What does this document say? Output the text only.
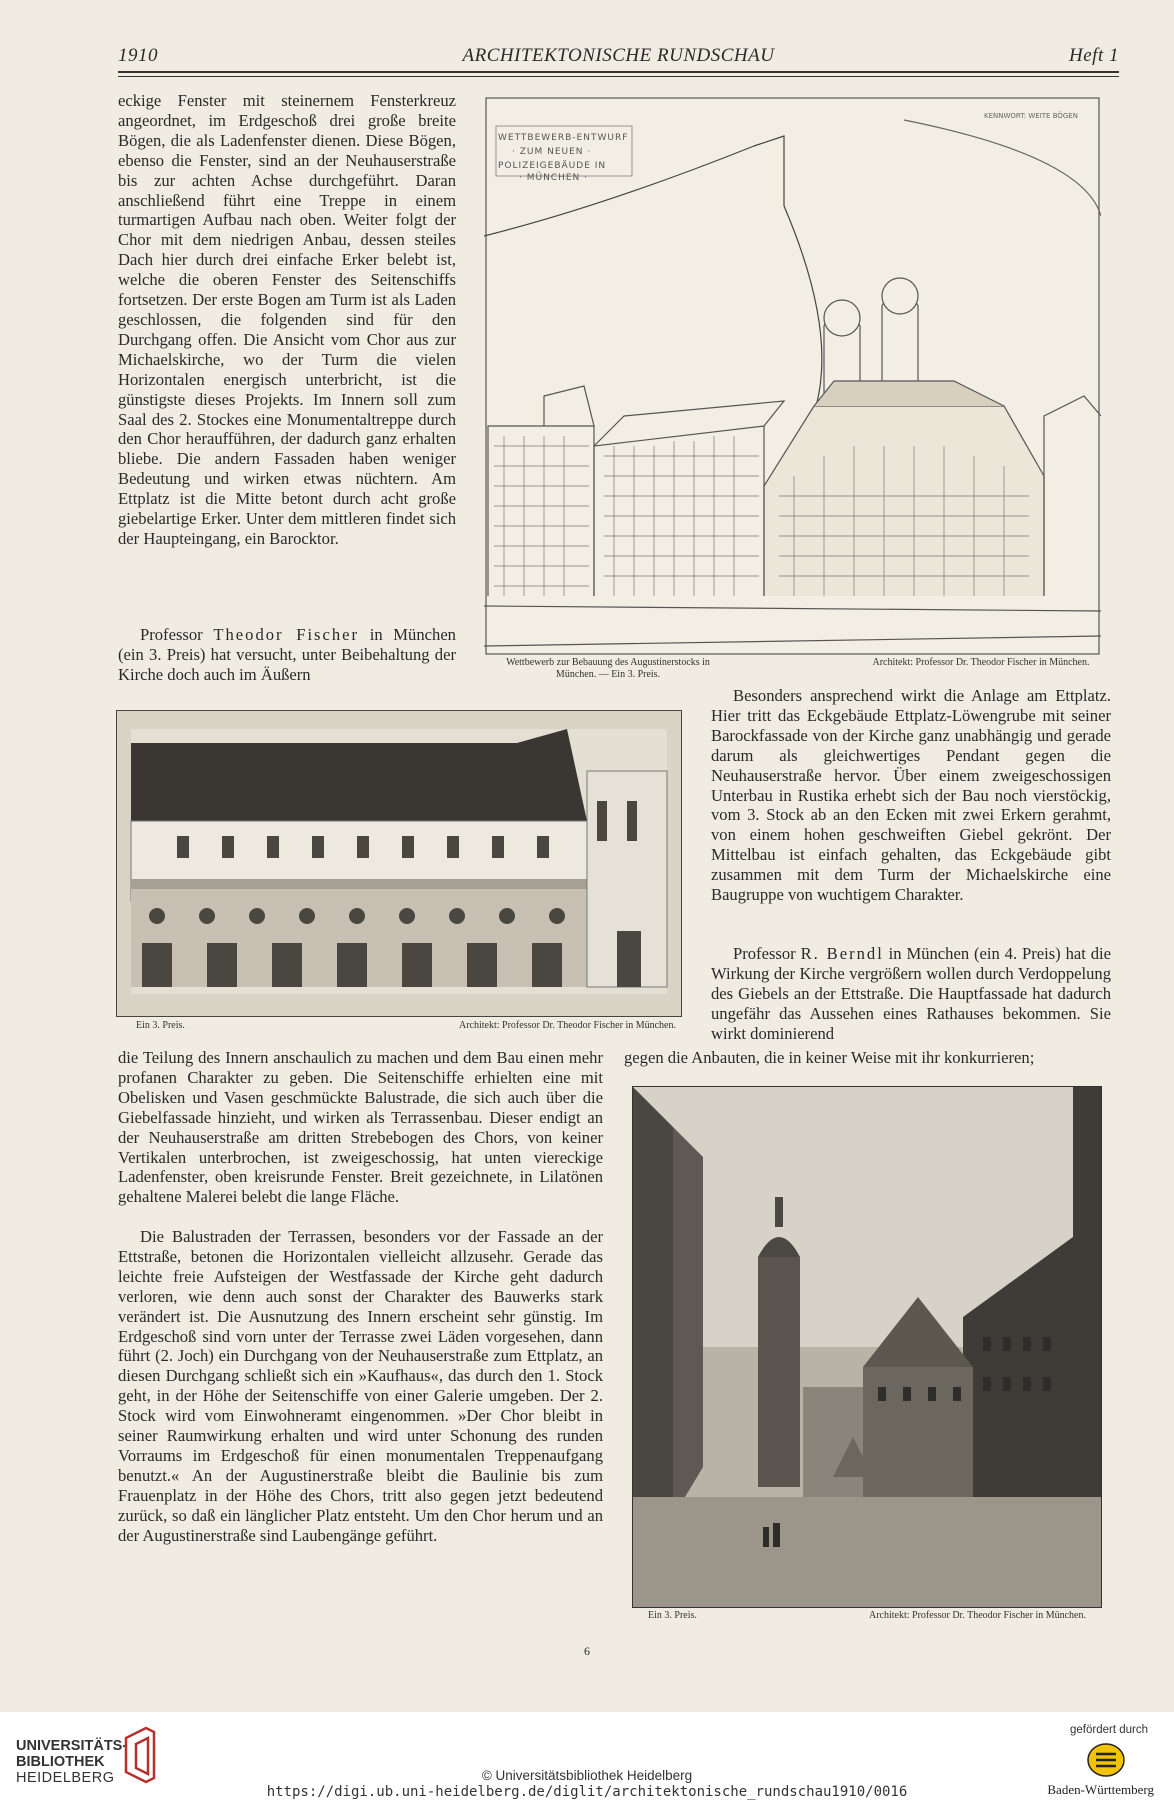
1910	ARCHITEKTONISCHE RUNDSCHAU	Heft 1

eckige Fenster mit steinernem Fensterkreuz angeordnet, im Erdgeschoß drei große breite Bögen, die als Ladenfenster dienen. Diese Bögen, ebenso die Fenster, sind an der Neuhauserstraße bis zur achten Achse durchgeführt. Daran anschließend führt eine Treppe in einem turmartigen Aufbau nach oben. Weiter folgt der Chor mit dem niedrigen Anbau, dessen steiles Dach hier durch drei einfache Erker belebt ist, welche die oberen Fenster des Seitenschiffs fortsetzen. Der erste Bogen am Turm ist als Laden geschlossen, die folgenden sind für den Durchgang offen. Die Ansicht vom Chor aus zur Michaelskirche, wo der Turm die vielen Horizontalen energisch unterbricht, ist die günstigste dieses Projekts. Im Innern soll zum Saal des 2. Stockes eine Monumentaltreppe durch den Chor heraufführen, der dadurch ganz erhalten bliebe. Die andern Fassaden haben weniger Bedeutung und wirken etwas nüchtern. Am Ettplatz ist die Mitte betont durch acht große giebelartige Erker. Unter dem mittleren findet sich der Haupteingang, ein Barocktor.

Professor Theodor Fischer in München (ein 3. Preis) hat versucht, unter Beibehaltung der Kirche doch auch im Äußern

WETTBEWERB-ENTWURF
· ZUM NEUEN ·
POLIZEIGEBÄUDE IN
· MÜNCHEN ·
KENNWORT: WEITE BÖGEN
Wettbewerb zur Bebauung des Augustinerstocks in München. — Ein 3. Preis.
Architekt: Professor Dr. Theodor Fischer in München.

Besonders ansprechend wirkt die Anlage am Ettplatz. Hier tritt das Eckgebäude Ettplatz-Löwengrube mit seiner Barockfassade von der Kirche ganz unabhängig und gerade darum als gleichwertiges Pendant gegen die Neuhauserstraße hervor. Über einem zweigeschossigen Unterbau in Rustika erhebt sich der Bau noch vierstöckig, vom 3. Stock ab an den Ecken mit zwei Erkern gerahmt, von einem hohen geschweiften Giebel gekrönt. Der Mittelbau ist einfach gehalten, das Eckgebäude gibt zusammen mit dem Turm der Michaelskirche eine Baugruppe von wuchtigem Charakter.

Professor R. Berndl in München (ein 4. Preis) hat die Wirkung der Kirche vergrößern wollen durch Verdoppelung des Giebels an der Ettstraße. Die Hauptfassade hat dadurch ungefähr das Aussehen eines Rathauses bekommen. Sie wirkt dominierend

Ein 3. Preis.	Architekt: Professor Dr. Theodor Fischer in München.

gegen die Anbauten, die in keiner Weise mit ihr konkurrieren;

die Teilung des Innern anschaulich zu machen und dem Bau einen mehr profanen Charakter zu geben. Die Seitenschiffe erhielten eine mit Obelisken und Vasen geschmückte Balustrade, die sich auch über die Giebelfassade hinzieht, und wirken als Terrassenbau. Dieser endigt an der Neuhauserstraße am dritten Strebebogen des Chors, von keiner Vertikalen unterbrochen, ist zweigeschossig, hat unten viereckige Ladenfenster, oben kreisrunde Fenster. Breit gezeichnete, in Lilatönen gehaltene Malerei belebt die lange Fläche.

Die Balustraden der Terrassen, besonders vor der Fassade an der Ettstraße, betonen die Horizontalen vielleicht allzusehr. Gerade das leichte freie Aufsteigen der Westfassade der Kirche geht dadurch verloren, wie denn auch sonst der Charakter des Bauwerks stark verändert ist. Die Ausnutzung des Innern erscheint sehr günstig. Im Erdgeschoß sind vorn unter der Terrasse zwei Läden vorgesehen, dann führt (2. Joch) ein Durchgang von der Neuhauserstraße zum Ettplatz, an diesen Durchgang schließt sich ein »Kaufhaus«, das durch den 1. Stock geht, in der Höhe der Seitenschiffe von einer Galerie umgeben. Der 2. Stock wird vom Einwohneramt eingenommen. »Der Chor bleibt in seiner Raumwirkung erhalten und wird unter Schonung des runden Vorraums im Erdgeschoß für einen monumentalen Treppenaufgang benutzt.« An der Augustinerstraße bleibt die Baulinie bis zum Frauenplatz in der Höhe des Chors, tritt also gegen jetzt bedeutend zurück, so daß ein länglicher Platz entsteht. Um den Chor herum und an der Augustinerstraße sind Laubengänge geführt.

Ein 3. Preis.	Architekt: Professor Dr. Theodor Fischer in München.
6
UNIVERSITÄTS-
BIBLIOTHEK
HEIDELBERG	© Universitätsbibliothek Heidelberg
https://digi.ub.uni-heidelberg.de/diglit/architektonische_rundschau1910/0016
gefördert durch
Baden-Württemberg
